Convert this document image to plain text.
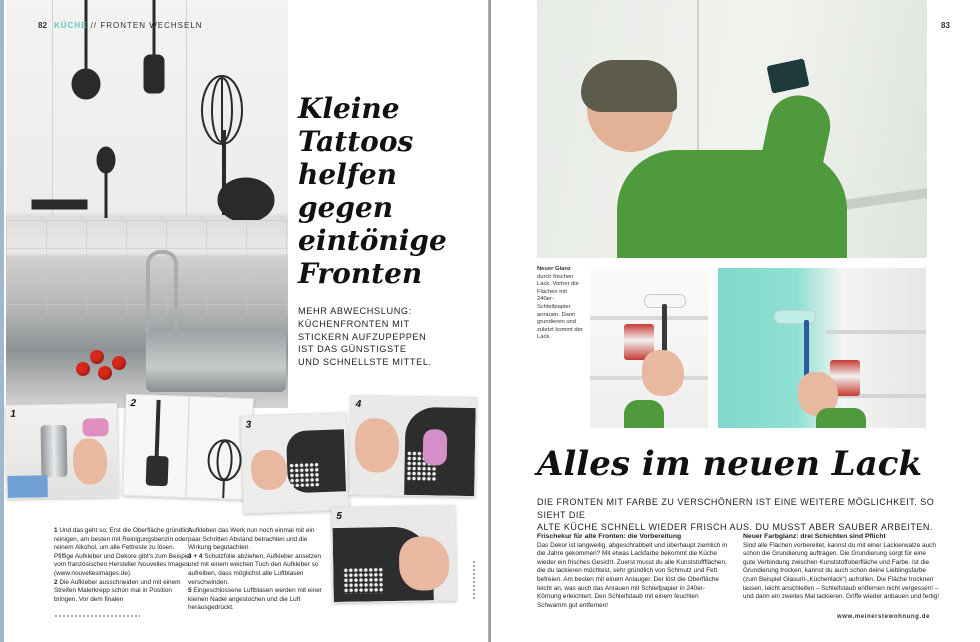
82 KÜCHE // FRONTEN WECHSELN
Kleine
Tattoos
helfen
gegen
eintönige
Fronten
MEHR ABWECHSLUNG:
KÜCHENFRONTEN MIT
STICKERN AUFZUPEPPEN
IST DAS GÜNSTIGSTE
UND SCHNELLSTE MITTEL.
1
2
3
4
5
1 Und das geht so: Erst die Oberfläche gründlich reinigen, am besten mit Reinigungsbenzin oder reinem Alkohol, um alle Fettreste zu lösen. Pfiffige Aufkleber und Dekore gibt's zum Beispiel vom französischen Hersteller Nouvelles Images (www.nouvellesimages.de).
2 Die Aufkleber ausschneiden und mit einem Streifen Malerkrepp schon mal in Position bringen. Vor dem finalen
Aufkleben das Werk nun noch einmal mit ein paar Schritten Abstand betrachten und die Wirkung begutachten.
3 + 4 Schutzfolie abziehen, Aufkleber ansetzen und mit einem weichen Tuch den Aufkleber so aufreiben, dass möglichst alle Luftblasen verschwinden.
5 Eingeschlossene Luftblasen werden mit einer kleinen Nadel angestochen und die Luft herausgedrückt.
83
Neuer Glanz
durch frischen Lack. Vorher die Flächen mit 240er-Schleifpapier anrauen. Dann grundieren und zuletzt kommt der Lack.
Alles im neuen Lack
DIE FRONTEN MIT FARBE ZU VERSCHÖNERN IST EINE WEITERE MÖGLICHKEIT. SO SIEHT DIE
ALTE KÜCHE SCHNELL WIEDER FRISCH AUS. DU MUSST ABER SAUBER ARBEITEN.
Frischekur für alte Fronten: die Vorbereitung
Das Dekor ist langweilig, abgeschrabbelt und überhaupt ziemlich in die Jahre gekommen? Mit etwas Lackfarbe bekommt die Küche wieder ein frisches Gesicht. Zuerst musst du alle Kunststoffflächen, die du lackieren möchtest, sehr gründlich von Schmutz und Fett befreien. Am besten mit einem Anlauger. Der löst die Oberfläche leicht an, was auch das Anrauen mit Schleifpapier in 240er-Körnung erleichtert. Den Schleifstaub mit einem feuchten Schwamm gut entfernen!
Neuer Farbglanz: drei Schichten sind Pflicht
Sind alle Flächen vorbereitet, kannst du mit einer Lackierwalze auch schon die Grundierung auftragen. Die Grundierung sorgt für eine gute Verbindung zwischen Kunststoffoberfläche und Farbe. Ist die Grundierung trocken, kannst du auch schon deine Lieblingsfarbe (zum Beispiel Glasurit-„Küchenlack“) aufrollen. Die Fläche trocknen lassen, leicht anschleifen – Schleifstaub entfernen nicht vergessen! – und dann ein zweites Mal lackieren. Griffe wieder anbauen und fertig!
www.meinerstewohnung.de
